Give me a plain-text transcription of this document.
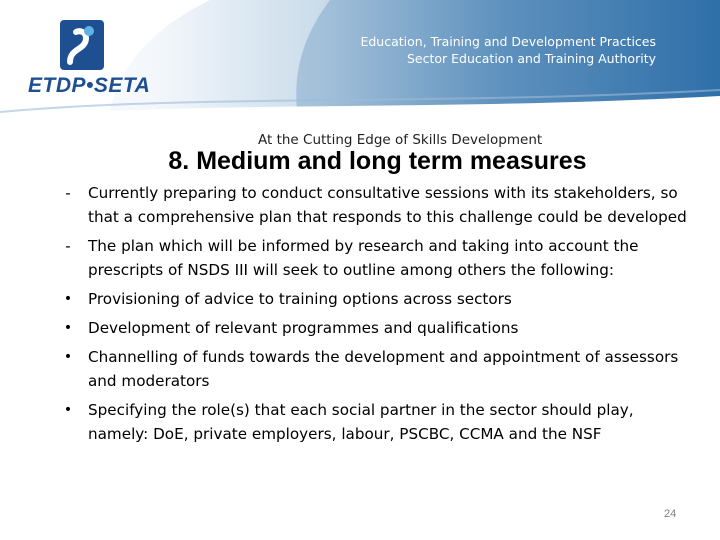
ETDP•SETA
Education, Training and Development Practices
Sector Education and Training Authority
At the Cutting Edge of Skills Development
8. Medium and long term measures
-	Currently preparing to conduct consultative sessions with its stakeholders, so that a comprehensive plan that responds to this challenge could be developed
-	The plan which will be informed by research and taking into account the prescripts of NSDS III will seek to outline among others the following:
•	Provisioning of advice to training options across sectors
•	Development of relevant programmes and qualifications
•	Channelling of funds towards the development and appointment of assessors and moderators
•	Specifying the role(s) that each social partner in the sector should play, namely: DoE, private employers, labour, PSCBC, CCMA and the NSF
24
